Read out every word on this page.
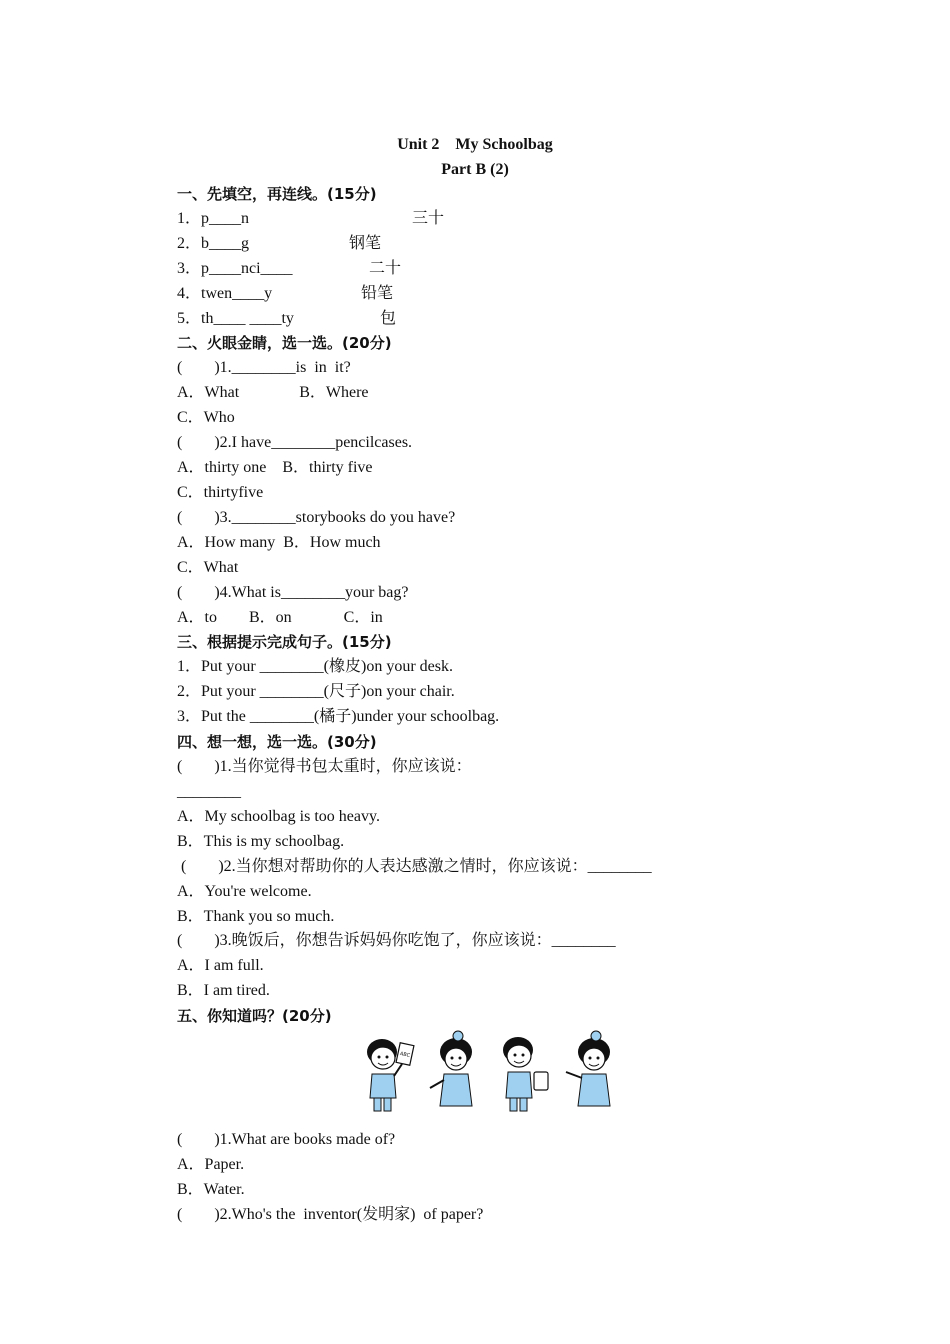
Unit 2　My Schoolbag
Part B (2)
一、先填空，再连线。(15分)
1．p____n
2．b____g
3．p____nci____
4．twen____y
5．th____ ____ty
三十
钢笔
二十
铅笔
包
二、火眼金睛，选一选。(20分)
(        )1.________is  in  it?
A．What               B．Where
C．Who
(        )2.I have________pencilcases.
A．thirty one    B．thirty five
C．thirtyfive
(        )3.________storybooks do you have?
A．How many  B．How much
C．What
(        )4.What is________your bag?
A．to        B．on             C．in
三、根据提示完成句子。(15分)
1．Put your ________(橡皮)on your desk.
2．Put your ________(尺子)on your chair.
3．Put the ________(橘子)under your schoolbag.
四、想一想，选一选。(30分)
(        )1.当你觉得书包太重时，你应该说：
________
A．My schoolbag is too heavy.
B．This is my schoolbag.
(        )2.当你想对帮助你的人表达感激之情时，你应该说：________
A．You're welcome.
B．Thank you so much.
(        )3.晚饭后，你想告诉妈妈你吃饱了，你应该说：________
A．I am full.
B．I am tired.
五、你知道吗？(20分)
ABC
(        )1.What are books made of?
A．Paper.
B．Water.
(        )2.Who's the  inventor(发明家)  of paper?
